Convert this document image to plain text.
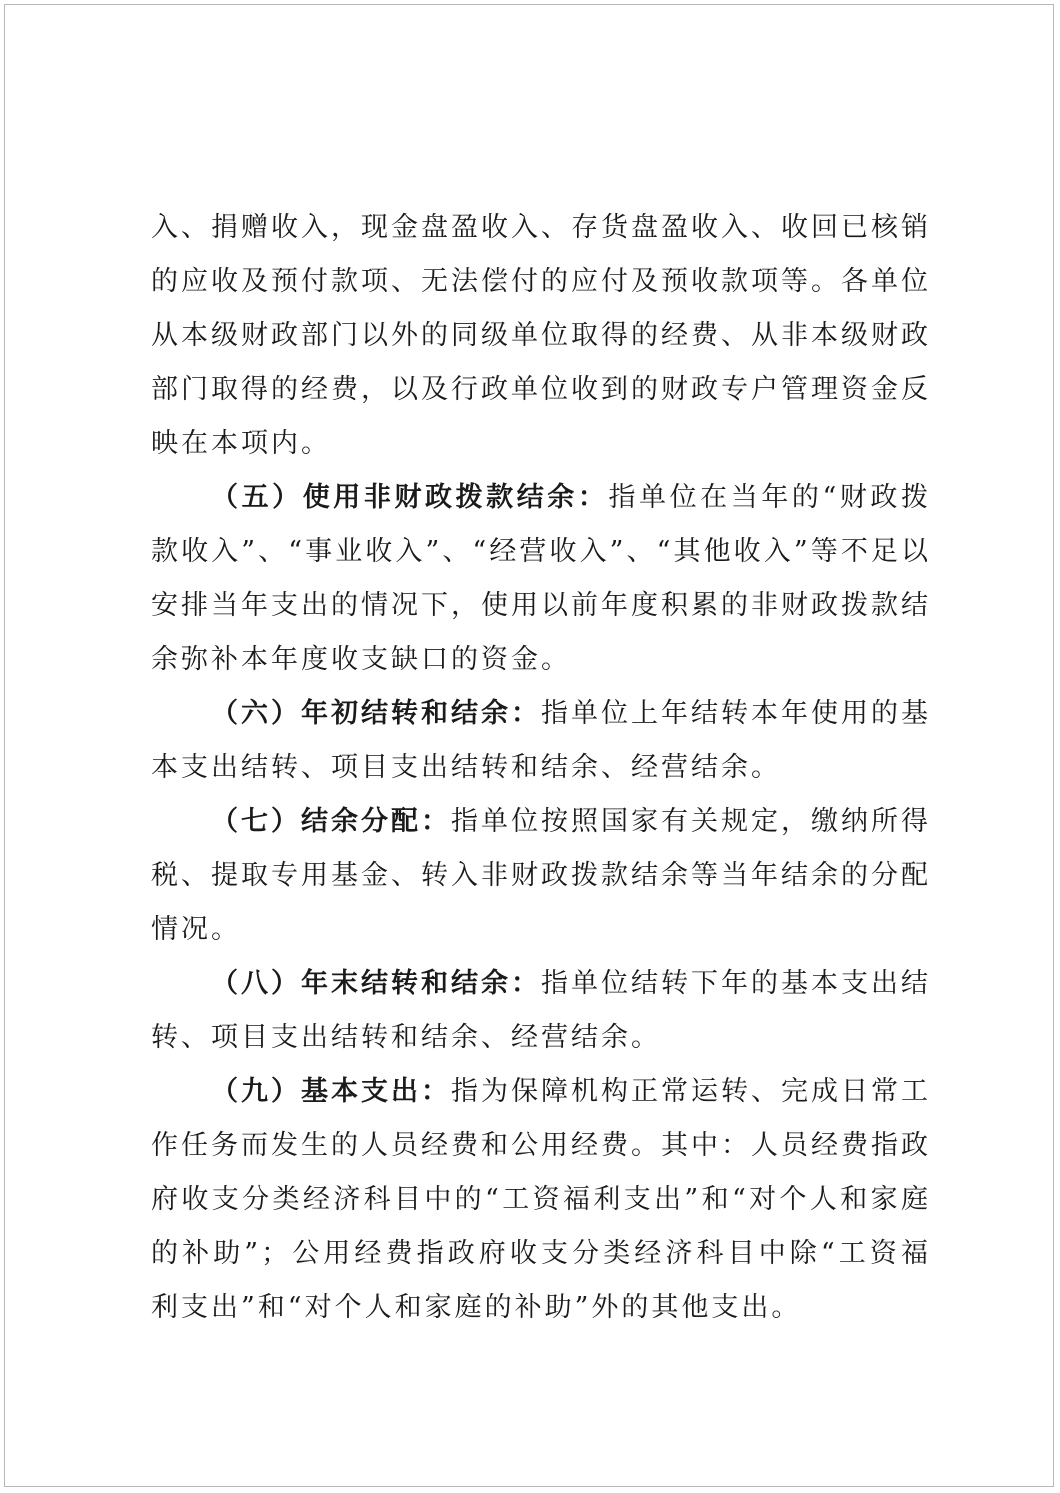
入、捐赠收入，现金盘盈收入、存货盘盈收入、收回已核销的应收及预付款项、无法偿付的应付及预收款项等。各单位从本级财政部门以外的同级单位取得的经费、从非本级财政部门取得的经费，以及行政单位收到的财政专户管理资金反映在本项内。

（五）使用非财政拨款结余：指单位在当年的“财政拨款收入”、“事业收入”、“经营收入”、“其他收入”等不足以安排当年支出的情况下，使用以前年度积累的非财政拨款结余弥补本年度收支缺口的资金。

（六）年初结转和结余：指单位上年结转本年使用的基本支出结转、项目支出结转和结余、经营结余。

（七）结余分配：指单位按照国家有关规定，缴纳所得税、提取专用基金、转入非财政拨款结余等当年结余的分配情况。

（八）年末结转和结余：指单位结转下年的基本支出结转、项目支出结转和结余、经营结余。

（九）基本支出：指为保障机构正常运转、完成日常工作任务而发生的人员经费和公用经费。其中：人员经费指政府收支分类经济科目中的“工资福利支出”和“对个人和家庭的补助”；公用经费指政府收支分类经济科目中除“工资福利支出”和“对个人和家庭的补助”外的其他支出。
